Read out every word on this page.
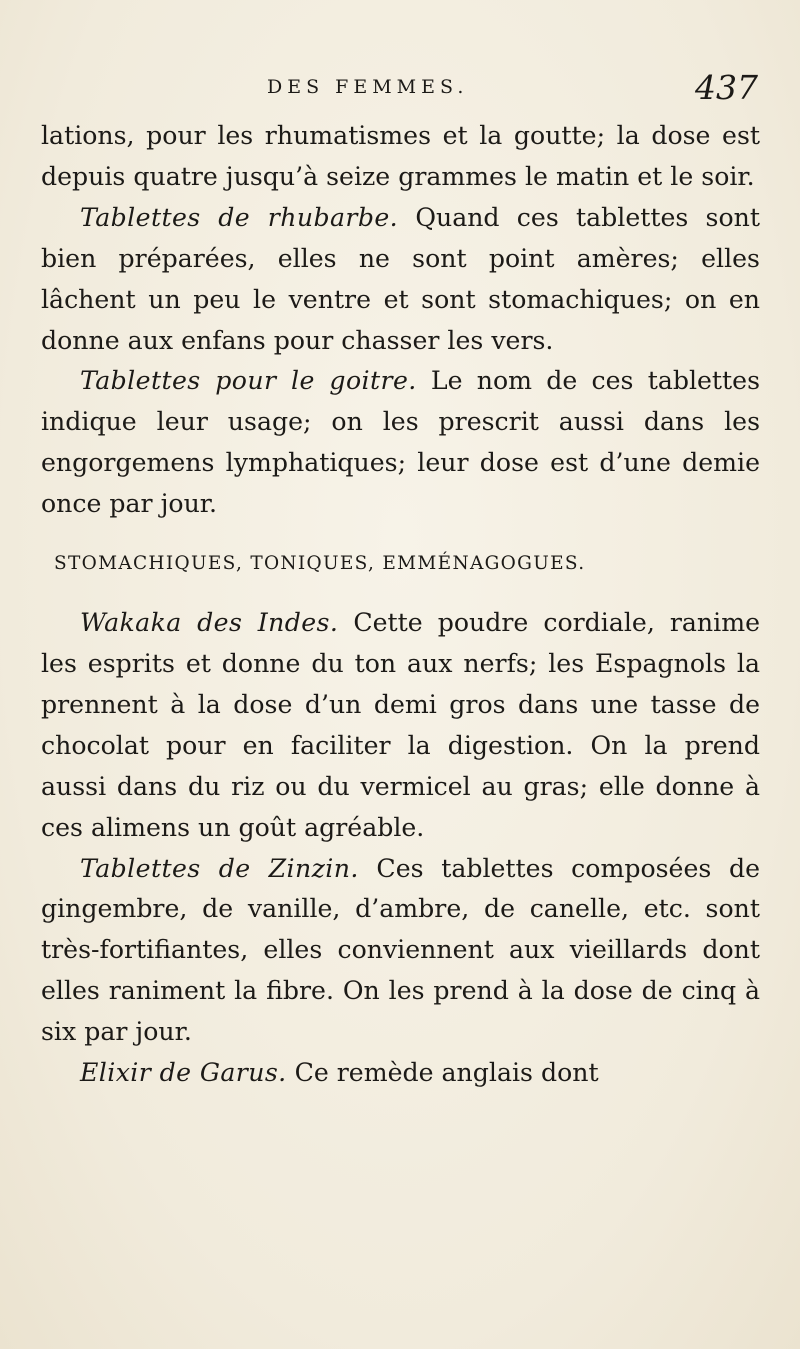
DES FEMMES.	437

lations, pour les rhumatismes et la goutte; la dose est depuis quatre jusqu’à seize grammes le matin et le soir.

Tablettes de rhubarbe. Quand ces tablettes sont bien préparées, elles ne sont point amères; elles lâchent un peu le ventre et sont stomachiques; on en donne aux enfans pour chasser les vers.

Tablettes pour le goitre. Le nom de ces tablettes indique leur usage; on les prescrit aussi dans les engorgemens lymphatiques; leur dose est d’une demie once par jour.

STOMACHIQUES, TONIQUES, EMMÉNAGOGUES.

Wakaka des Indes. Cette poudre cordiale, ranime les esprits et donne du ton aux nerfs; les Espagnols la prennent à la dose d’un demi gros dans une tasse de chocolat pour en faciliter la digestion. On la prend aussi dans du riz ou du vermicel au gras; elle donne à ces alimens un goût agréable.

Tablettes de Zinzin. Ces tablettes composées de gingembre, de vanille, d’ambre, de canelle, etc. sont très-fortifiantes, elles conviennent aux vieillards dont elles raniment la fibre. On les prend à la dose de cinq à six par jour.

Elixir de Garus. Ce remède anglais dont
